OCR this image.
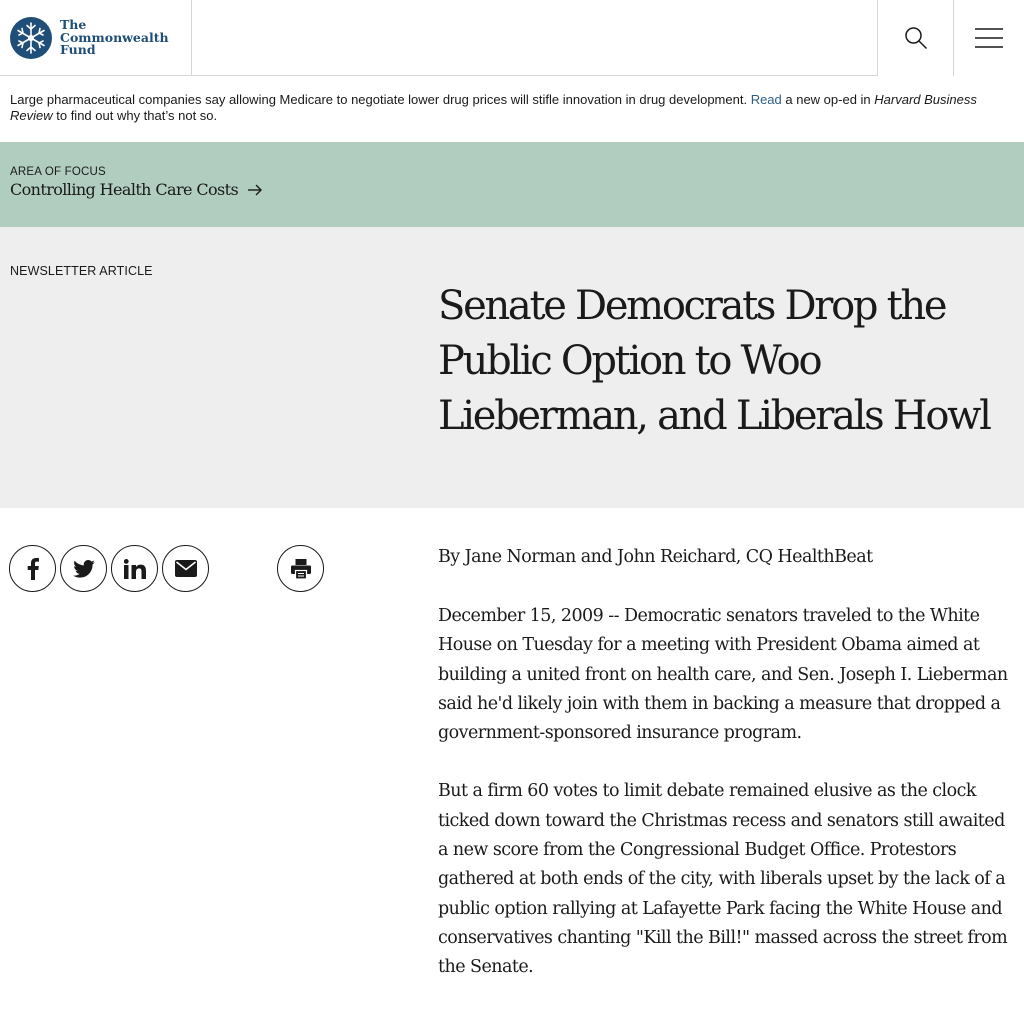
The
Commonwealth
Fund
Large pharmaceutical companies say allowing Medicare to negotiate lower drug prices will stifle innovation in drug development. Read a new op-ed in Harvard Business Review to find out why that’s not so.
AREA OF FOCUS
Controlling Health Care Costs
NEWSLETTER ARTICLE
Senate Democrats Drop the Public Option to Woo Lieberman, and Liberals Howl

By Jane Norman and John Reichard, CQ HealthBeat

December 15, 2009 -- Democratic senators traveled to the White House on Tuesday for a meeting with President Obama aimed at building a united front on health care, and Sen. Joseph I. Lieberman said he'd likely join with them in backing a measure that dropped a government-sponsored insurance program.

But a firm 60 votes to limit debate remained elusive as the clock ticked down toward the Christmas recess and senators still awaited a new score from the Congressional Budget Office. Protestors gathered at both ends of the city, with liberals upset by the lack of a public option rallying at Lafayette Park facing the White House and conservatives chanting "Kill the Bill!" massed across the street from the Senate.
